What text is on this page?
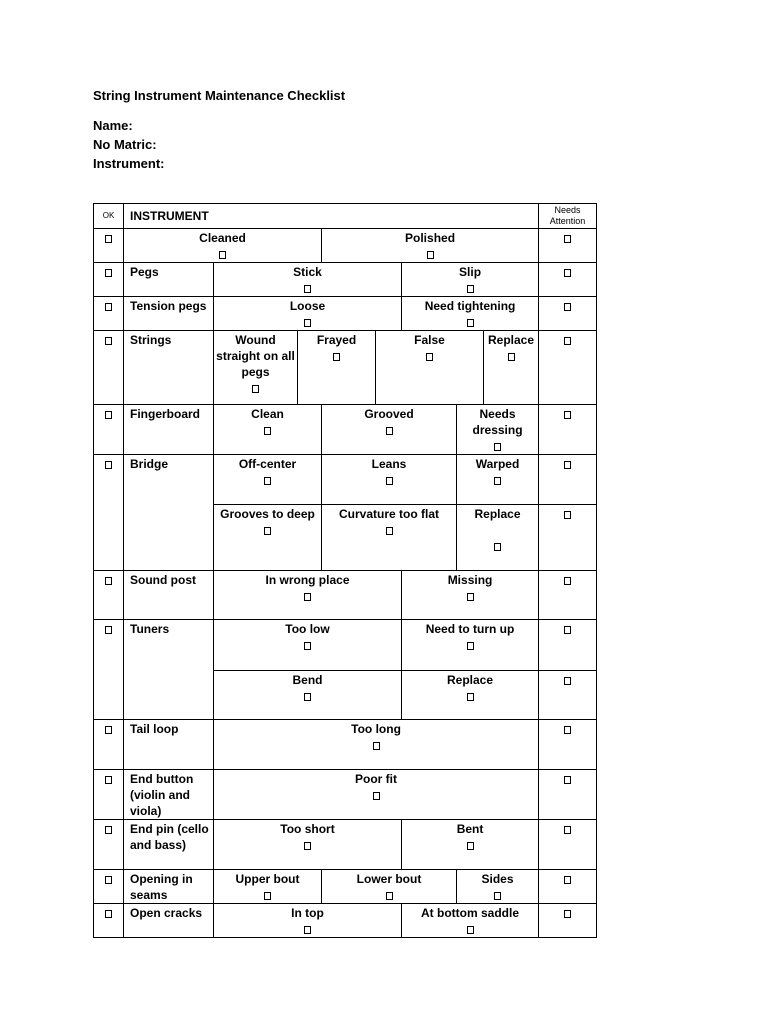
String Instrument Maintenance Checklist
Name:
No Matric:
Instrument:
OK	INSTRUMENT								Needs Attention

	Cleaned			Polished					

	Pegs	Stick				Slip			

	Tension pegs	Loose				Need tightening			

	Strings	Wound straight on all pegs	Frayed		False			Replace	

	Fingerboard	Clean		Grooved			Needs dressing		

	Bridge	Off-center		Leans			Warped		

		Grooves to deep		Curvature too flat			Replace		

	Sound post	In wrong place				Missing			

	Tuners	Too low				Need to turn up			

		Bend				Replace			

	Tail loop	Too long							

	End button (violin and viola)	Poor fit							

	End pin (cello and bass)	Too short				Bent			

	Opening in seams	Upper bout		Lower bout			Sides		

	Open cracks	In top				At bottom saddle			
